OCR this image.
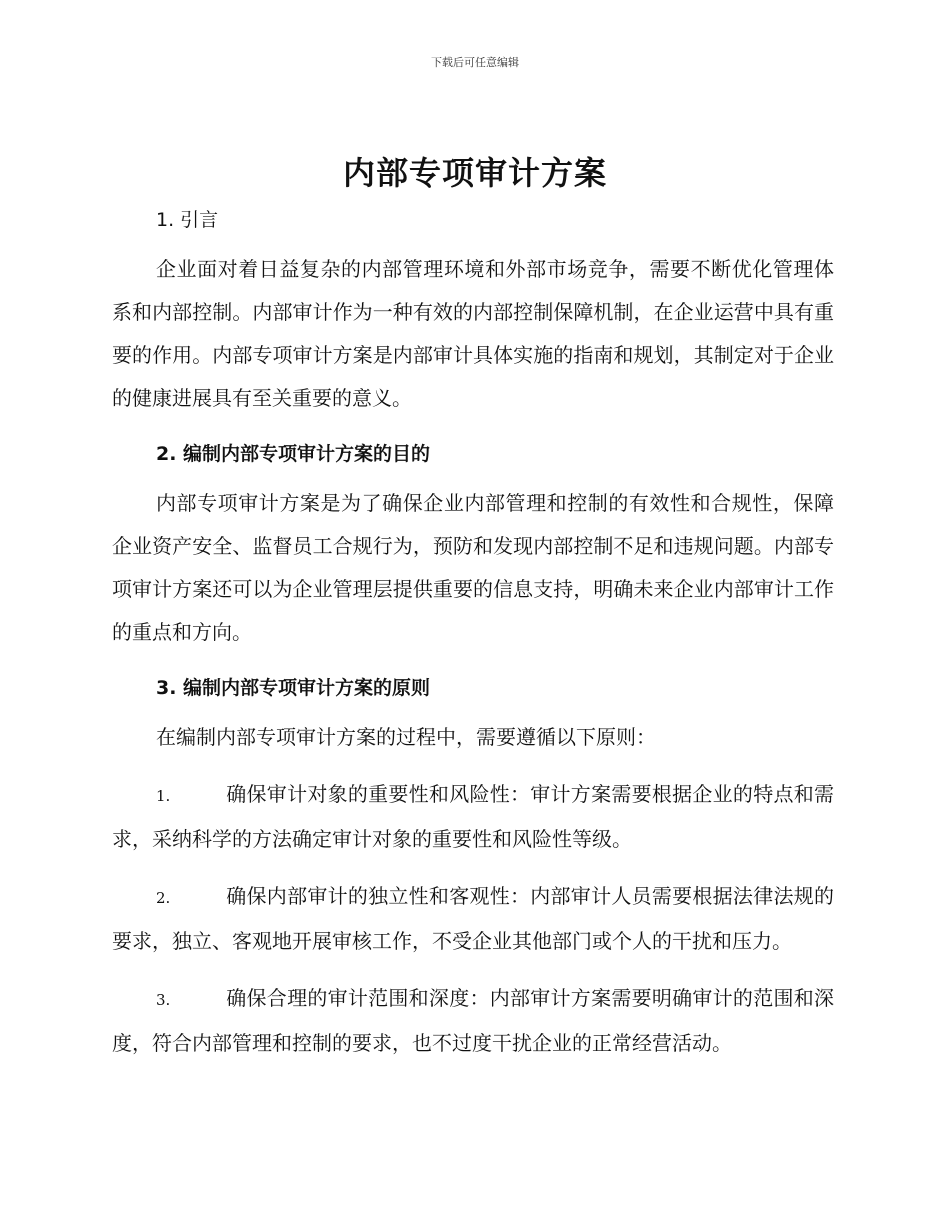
下载后可任意编辑
内部专项审计方案
1. 引言

企业面对着日益复杂的内部管理环境和外部市场竞争，需要不断优化管理体系和内部控制。内部审计作为一种有效的内部控制保障机制，在企业运营中具有重要的作用。内部专项审计方案是内部审计具体实施的指南和规划，其制定对于企业的健康进展具有至关重要的意义。

2. 编制内部专项审计方案的目的

内部专项审计方案是为了确保企业内部管理和控制的有效性和合规性，保障企业资产安全、监督员工合规行为，预防和发现内部控制不足和违规问题。内部专项审计方案还可以为企业管理层提供重要的信息支持，明确未来企业内部审计工作的重点和方向。

3. 编制内部专项审计方案的原则

在编制内部专项审计方案的过程中，需要遵循以下原则：

1.	确保审计对象的重要性和风险性：审计方案需要根据企业的特点和需求，采纳科学的方法确定审计对象的重要性和风险性等级。

2.	确保内部审计的独立性和客观性：内部审计人员需要根据法律法规的要求，独立、客观地开展审核工作，不受企业其他部门或个人的干扰和压力。

3.	确保合理的审计范围和深度：内部审计方案需要明确审计的范围和深度，符合内部管理和控制的要求，也不过度干扰企业的正常经营活动。
